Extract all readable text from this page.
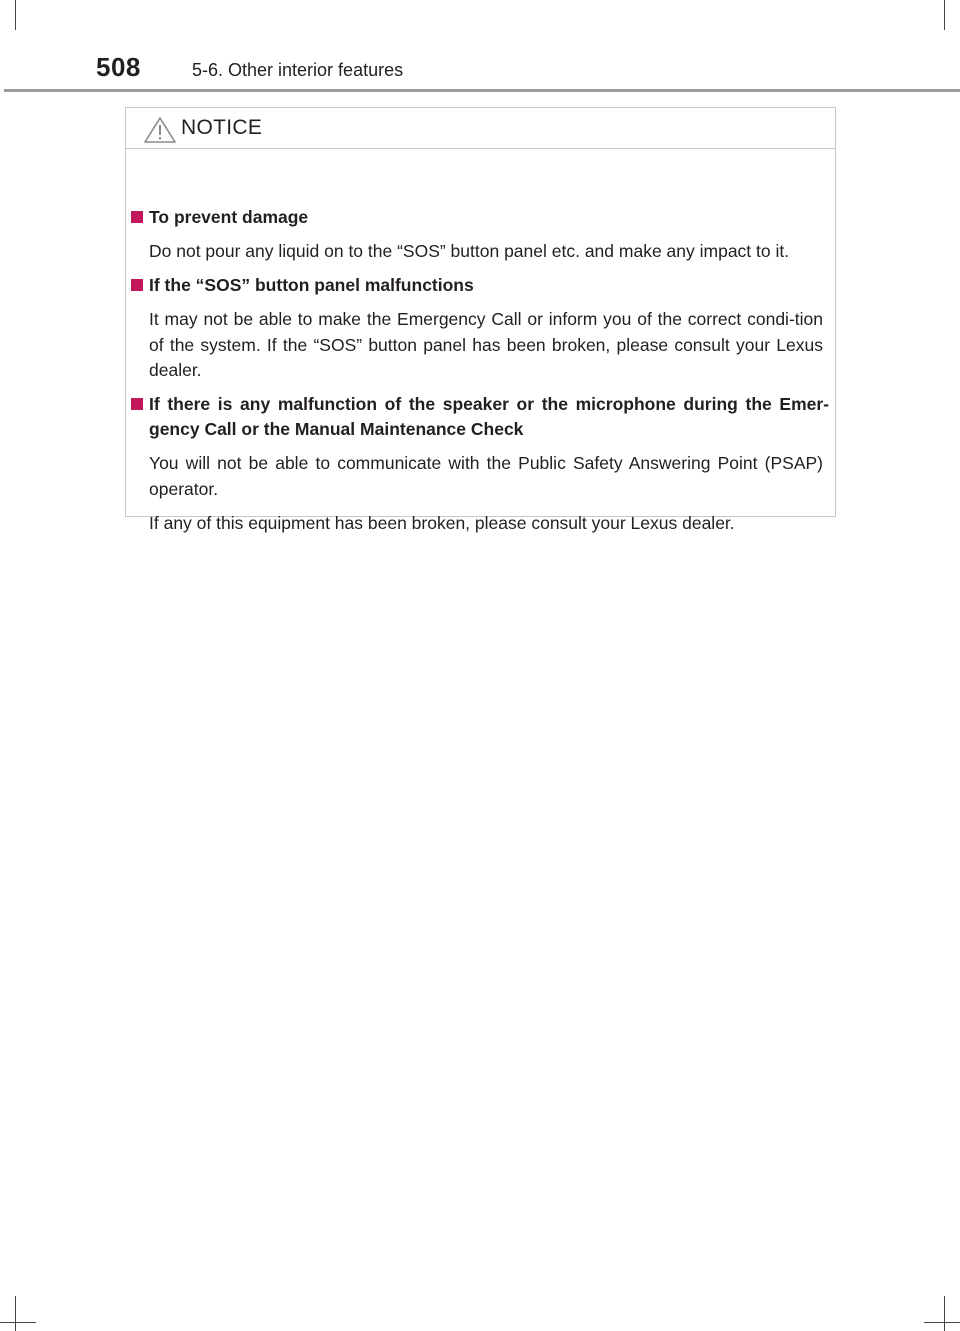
508	5-6. Other interior features
NOTICE
To prevent damage
Do not pour any liquid on to the “SOS” button panel etc. and make any impact to it.
If the “SOS” button panel malfunctions
It may not be able to make the Emergency Call or inform you of the correct condi-tion of the system. If the “SOS” button panel has been broken, please consult your Lexus dealer.
If there is any malfunction of the speaker or the microphone during the Emer-gency Call or the Manual Maintenance Check
You will not be able to communicate with the Public Safety Answering Point (PSAP) operator.
If any of this equipment has been broken, please consult your Lexus dealer.
